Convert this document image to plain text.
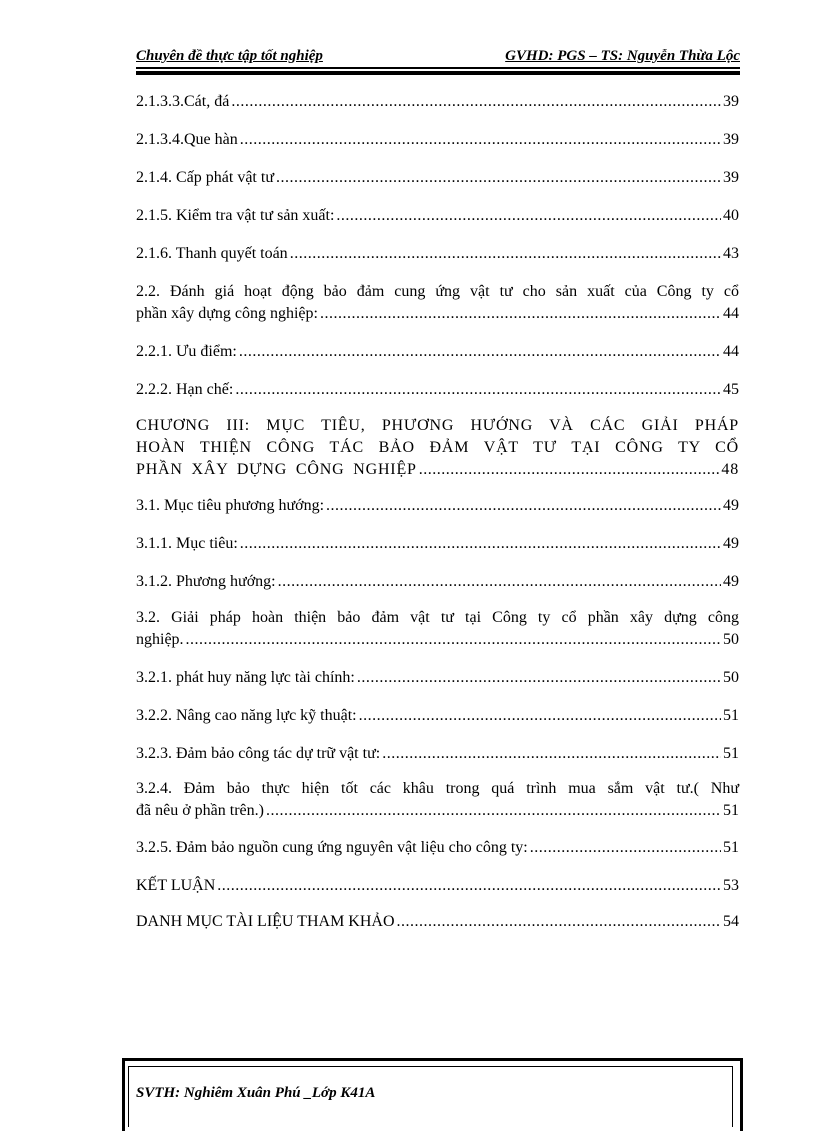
Chuyên đề thực tập tốt nghiệp	GVHD: PGS – TS: Nguyễn Thừa Lộc
2.1.3.3.Cát, đá .....	39
2.1.3.4.Que hàn .....	39
2.1.4. Cấp phát vật tư .....	39
2.1.5. Kiểm tra vật tư sản xuất: .....	40
2.1.6. Thanh quyết toán .....	43
2.2. Đánh giá hoạt động bảo đảm cung ứng vật tư cho sản xuất của Công ty cổ
phần xây dựng công nghiệp: .....	44
2.2.1. Ưu điểm: .....	44
2.2.2. Hạn chế: .....	45
CHƯƠNG III: MỤC TIÊU, PHƯƠNG HƯỚNG VÀ CÁC GIẢI PHÁP
HOÀN THIỆN CÔNG TÁC BẢO ĐẢM VẬT TƯ TẠI CÔNG TY CỔ
PHẦN XÂY DỰNG CÔNG NGHIỆP .....	48
3.1. Mục tiêu phương hướng: .....	49
3.1.1. Mục tiêu: .....	49
3.1.2. Phương hướng: .....	49
3.2. Giải pháp hoàn thiện bảo đảm vật tư tại Công ty cổ phần xây dựng công
nghiệp. .....	50
3.2.1. phát huy năng lực tài chính: .....	50
3.2.2. Nâng cao năng lực kỹ thuật: .....	51
3.2.3. Đảm bảo công tác dự trữ vật tư: .....	51
3.2.4. Đảm bảo thực hiện tốt các khâu trong quá trình mua sắm vật tư.( Như
đã nêu ở phần trên.) .....	51
3.2.5. Đảm bảo nguồn cung ứng nguyên vật liệu cho công ty: .....	51
KẾT LUẬN .....	53
DANH MỤC TÀI LIỆU THAM KHẢO .....	54
SVTH: Nghiêm Xuân Phú _Lớp K41A
